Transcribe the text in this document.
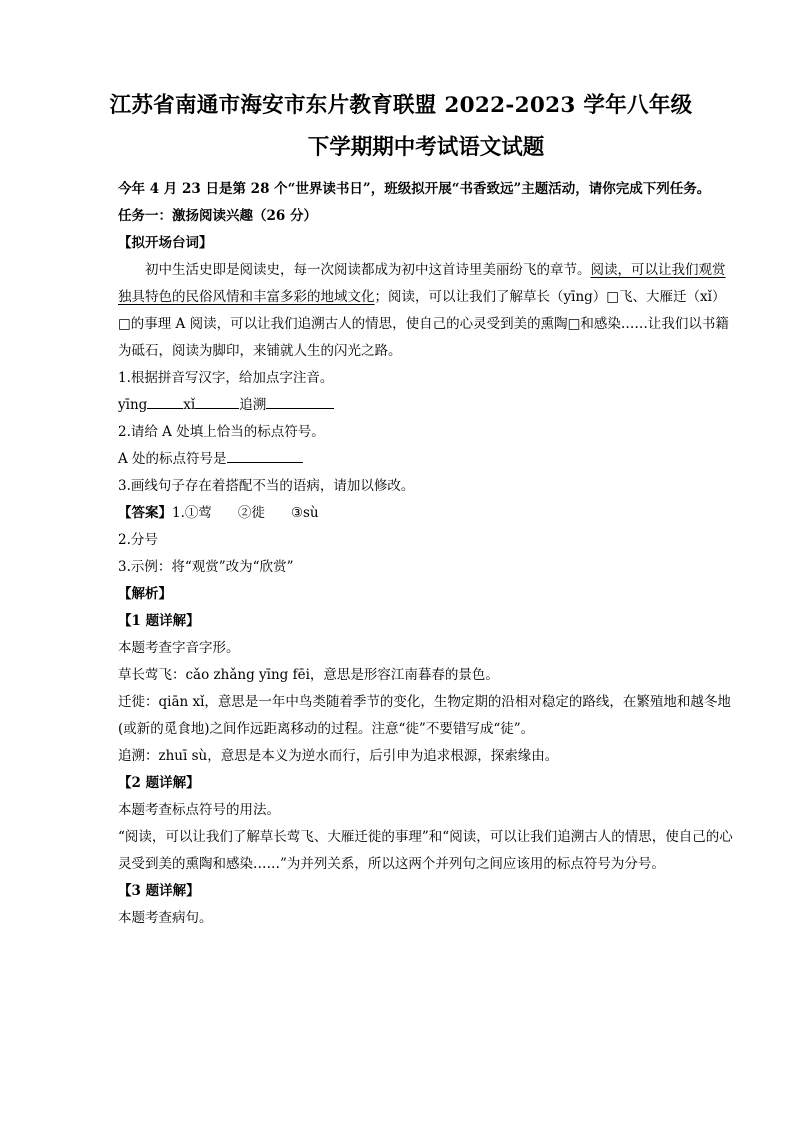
江苏省南通市海安市东片教育联盟 2022-2023 学年八年级
下学期期中考试语文试题

今年 4 月 23 日是第 28 个“世界读书日”，班级拟开展“书香致远”主题活动，请你完成下列任务。

任务一：激扬阅读兴趣（26 分）

【拟开场台词】

初中生活史即是阅读史，每一次阅读都成为初中这首诗里美丽纷飞的章节。阅读，可以让我们观赏独具特色的民俗风情和丰富多彩的地域文化；阅读，可以让我们了解草长（yīng）□飞、大雁迁（xǐ）□的事理 A 阅读，可以让我们追溯古人的情思，使自己的心灵受到美的熏陶□和感染……让我们以书籍为砥石，阅读为脚印，来铺就人生的闪光之路。

1.根据拼音写汉字，给加点字注音。

yīng	xǐ	追溯

2.请给 A 处填上恰当的标点符号。

A 处的标点符号是

3.画线句子存在着搭配不当的语病，请加以修改。

【答案】1.①莺 ②徙 ③sù

2.分号

3.示例：将“观赏”改为“欣赏”

【解析】

【1 题详解】

本题考查字音字形。

草长莺飞：cǎo zhǎng yīng fēi，意思是形容江南暮春的景色。

迁徙：qiān xǐ，意思是一年中鸟类随着季节的变化，生物定期的沿相对稳定的路线，在繁殖地和越冬地(或新的觅食地)之间作远距离移动的过程。注意“徙”不要错写成“徒”。

追溯：zhuī sù，意思是本义为逆水而行，后引申为追求根源，探索缘由。

【2 题详解】

本题考查标点符号的用法。

“阅读，可以让我们了解草长莺飞、大雁迁徙的事理”和“阅读，可以让我们追溯古人的情思，使自己的心灵受到美的熏陶和感染……”为并列关系，所以这两个并列句之间应该用的标点符号为分号。

【3 题详解】

本题考查病句。
